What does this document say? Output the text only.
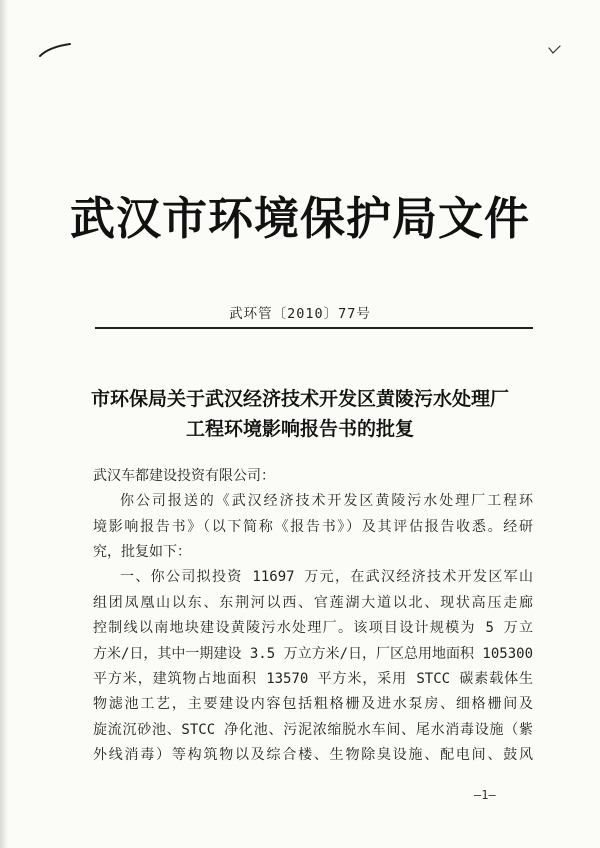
武汉市环境保护局文件
武环管〔2010〕77号
市环保局关于武汉经济技术开发区黄陵污水处理厂
工程环境影响报告书的批复
武汉车都建设投资有限公司：
你公司报送的《武汉经济技术开发区黄陵污水处理厂工程环
境影响报告书》（以下简称《报告书》）及其评估报告收悉。经研
究，批复如下：
一、你公司拟投资 11697 万元，在武汉经济技术开发区军山
组团凤凰山以东、东荆河以西、官莲湖大道以北、现状高压走廊
控制线以南地块建设黄陵污水处理厂。该项目设计规模为 5 万立
方米/日，其中一期建设 3.5 万立方米/日，厂区总用地面积 105300
平方米，建筑物占地面积 13570 平方米，采用 STCC 碳素载体生
物滤池工艺，主要建设内容包括粗格栅及进水泵房、细格栅间及
旋流沉砂池、STCC 净化池、污泥浓缩脱水车间、尾水消毒设施（紫
外线消毒）等构筑物以及综合楼、生物除臭设施、配电间、鼓风
—1—
